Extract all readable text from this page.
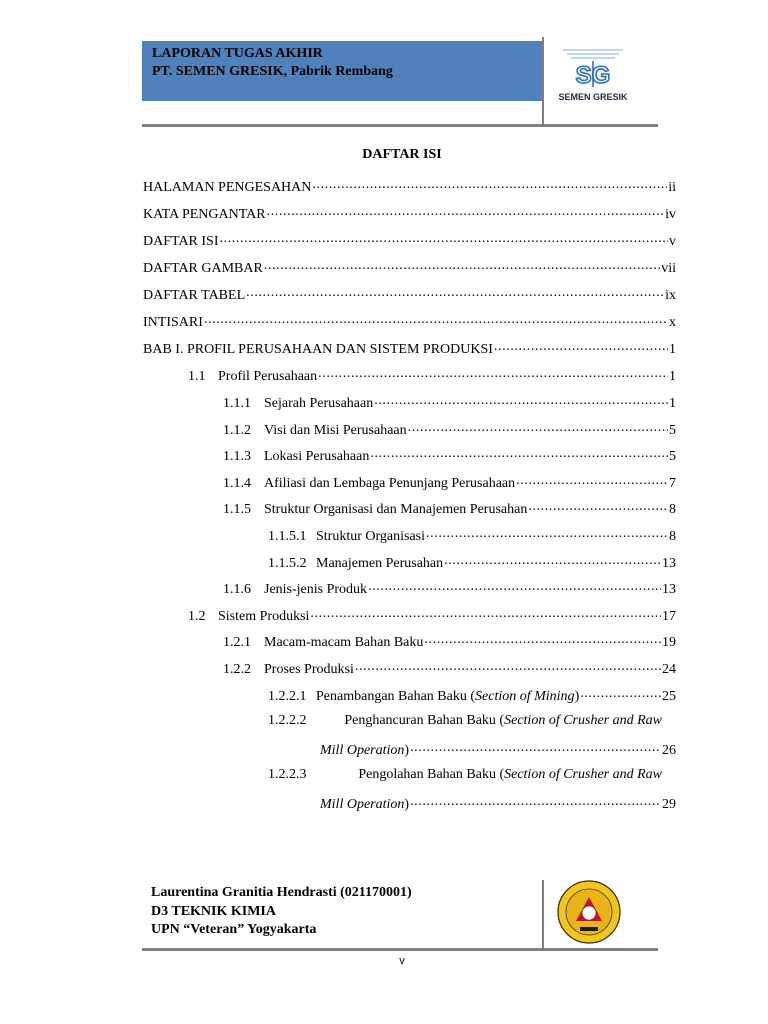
LAPORAN TUGAS AKHIR
PT. SEMEN GRESIK, Pabrik Rembang	SG
SEMEN GRESIK
DAFTAR ISI
HALAMAN PENGESAHAN .....	ii
KATA PENGANTAR .....	iv
DAFTAR ISI .....	v
DAFTAR GAMBAR .....	vii
DAFTAR TABEL .....	ix
INTISARI .....	x
BAB I. PROFIL PERUSAHAAN DAN SISTEM PRODUKSI .....	1
1.1 Profil Perusahaan .....	1
1.1.1 Sejarah Perusahaan .....	1
1.1.2 Visi dan Misi Perusahaan .....	5
1.1.3 Lokasi Perusahaan .....	5
1.1.4 Afiliasi dan Lembaga Penunjang Perusahaan .....	7
1.1.5 Struktur Organisasi dan Manajemen Perusahan .....	8
1.1.5.1 Struktur Organisasi .....	8
1.1.5.2 Manajemen Perusahan .....	13
1.1.6 Jenis-jenis Produk .....	13
1.2 Sistem Produksi .....	17
1.2.1 Macam-macam Bahan Baku .....	19
1.2.2 Proses Produksi .....	24
1.2.2.1 Penambangan Bahan Baku (Section of Mining) .....	25
1.2.2.2	Penghancuran Bahan Baku (Section of Crusher and Raw
Mill Operation) .....	26
1.2.2.3	Pengolahan Bahan Baku (Section of Crusher and Raw
Mill Operation) .....	29
Laurentina Granitia Hendrasti (021170001)
D3 TEKNIK KIMIA
UPN “Veteran” Yogyakarta
v
